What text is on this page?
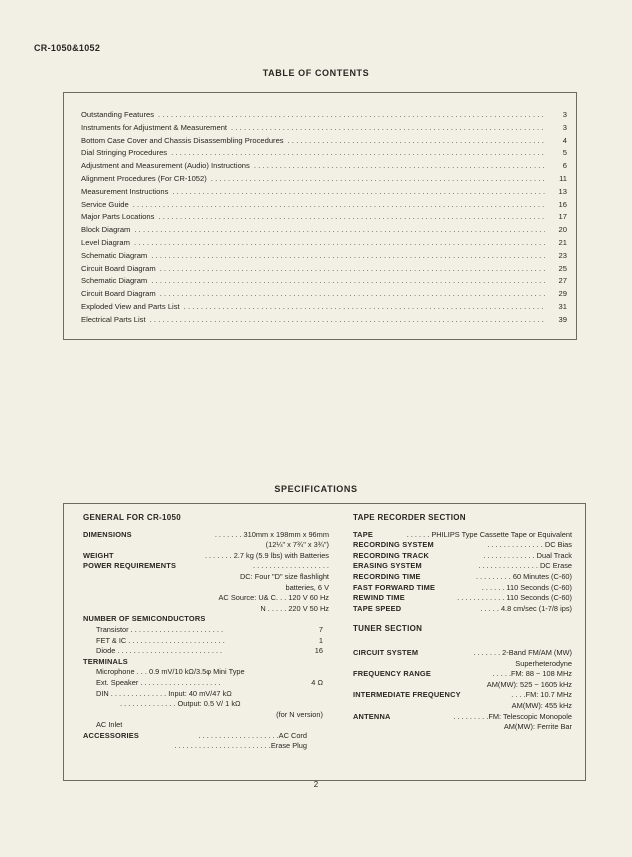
CR-1050&1052
TABLE OF CONTENTS
Outstanding Features .....	3
Instruments for Adjustment & Measurement .....	3
Bottom Case Cover and Chassis Disassembling Procedures .....	4
Dial Stringing Procedures .....	5
Adjustment and Measurement (Audio) Instructions .....	6
Alignment Procedures (For CR-1052) .....	11
Measurement Instructions .....	13
Service Guide .....	16
Major Parts Locations .....	17
Block Diagram .....	20
Level Diagram .....	21
Schematic Diagram .....	23
Circuit Board Diagram .....	25
Schematic Diagram .....	27
Circuit Board Diagram .....	29
Exploded View and Parts List .....	31
Electrical Parts List .....	39
SPECIFICATIONS
GENERAL FOR CR-1050
DIMENSIONS	. . . . . . . 310mm x 198mm x 96mm
(12¼" x 7¾" x 3¾")
WEIGHT	. . . . . . . 2.7 kg (5.9 lbs) with Batteries
POWER REQUIREMENTS	. . . . . . . . . . . . . . . . . . .
DC: Four "D" size flashlight
batteries, 6 V
AC Source: U& C. . . 120 V 60 Hz
N . . . . . 220 V 50 Hz
NUMBER OF SEMICONDUCTORS
Transistor . . . . . . . . . . . . . . . . . . . . . . .	7
FET & IC . . . . . . . . . . . . . . . . . . . . . . . .	1
Diode . . . . . . . . . . . . . . . . . . . . . . . . . .	16
TERMINALS
Microphone . . . 0.9 mV/10 kΩ/3.5φ Mini Type
Ext. Speaker . . . . . . . . . . . . . . . . . . . .	4 Ω
DIN . . . . . . . . . . . . . . Input: 40 mV/47 kΩ
. . . . . . . . . . . . . . Output: 0.5 V/ 1 kΩ
(for N version)
AC Inlet
ACCESSORIES	. . . . . . . . . . . . . . . . . . . .AC Cord
. . . . . . . . . . . . . . . . . . . . . . . .Erase Plug
TAPE RECORDER SECTION
TAPE	. . . . . . PHILIPS Type Cassette Tape or Equivalent
RECORDING SYSTEM	. . . . . . . . . . . . . . DC Bias
RECORDING TRACK	. . . . . . . . . . . . . Dual Track
ERASING SYSTEM	. . . . . . . . . . . . . . . DC Erase
RECORDING TIME	. . . . . . . . . 60 Minutes (C-60)
FAST FORWARD TIME	. . . . . . 110 Seconds (C-60)
REWIND TIME	. . . . . . . . . . . . 110 Seconds (C-60)
TAPE SPEED	. . . . . 4.8 cm/sec (1-7/8 ips)
TUNER SECTION
CIRCUIT SYSTEM	. . . . . . . 2-Band FM/AM (MW)
Superheterodyne
FREQUENCY RANGE	. . . . .FM: 88 ~ 108 MHz
AM(MW): 525 ~ 1605 kHz
INTERMEDIATE FREQUENCY	. . . .FM: 10.7 MHz
AM(MW): 455 kHz
ANTENNA	. . . . . . . . .FM: Telescopic Monopole
AM(MW): Ferrite Bar
2
